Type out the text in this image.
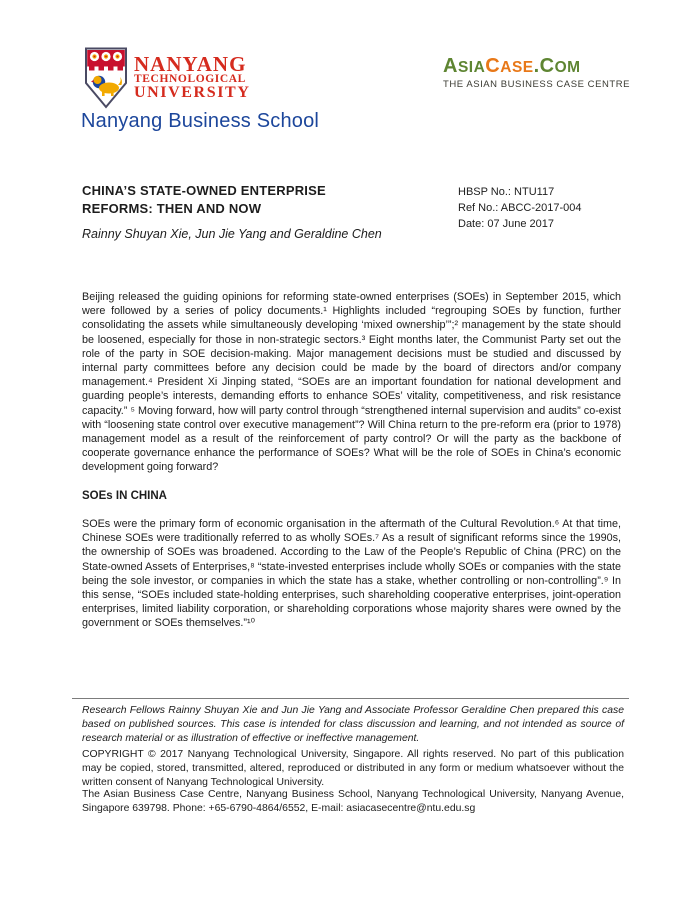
NANYANG
TECHNOLOGICAL
UNIVERSITY
Nanyang Business School
ASIACASE.COM
THE ASIAN BUSINESS CASE CENTRE
CHINA’S STATE-OWNED ENTERPRISE
REFORMS: THEN AND NOW
HBSP No.: NTU117
Ref No.: ABCC-2017-004
Date: 07 June 2017
Rainny Shuyan Xie, Jun Jie Yang and Geraldine Chen
Beijing released the guiding opinions for reforming state-owned enterprises (SOEs) in September 2015, which were followed by a series of policy documents.¹ Highlights included “regrouping SOEs by function, further consolidating the assets while simultaneously developing ‘mixed ownership’”;² management by the state should be loosened, especially for those in non-strategic sectors.³ Eight months later, the Communist Party set out the role of the party in SOE decision-making. Major management decisions must be studied and discussed by internal party committees before any decision could be made by the board of directors and/or company management.⁴ President Xi Jinping stated, “SOEs are an important foundation for national development and guarding people’s interests, demanding efforts to enhance SOEs’ vitality, competitiveness, and risk resistance capacity.” ⁵ Moving forward, how will party control through “strengthened internal supervision and audits” co-exist with “loosening state control over executive management”? Will China return to the pre-reform era (prior to 1978) management model as a result of the reinforcement of party control? Or will the party as the backbone of cooperate governance enhance the performance of SOEs? What will be the role of SOEs in China’s economic development going forward?
SOEs IN CHINA
SOEs were the primary form of economic organisation in the aftermath of the Cultural Revolution.⁶ At that time, Chinese SOEs were traditionally referred to as wholly SOEs.⁷ As a result of significant reforms since the 1990s, the ownership of SOEs was broadened. According to the Law of the People’s Republic of China (PRC) on the State-owned Assets of Enterprises,⁸ “state-invested enterprises include wholly SOEs or companies with the state being the sole investor, or companies in which the state has a stake, whether controlling or non-controlling”.⁹ In this sense, “SOEs included state-holding enterprises, such shareholding cooperative enterprises, joint-operation enterprises, limited liability corporation, or shareholding corporations whose majority shares were owned by the government or SOEs themselves.”¹⁰
Research Fellows Rainny Shuyan Xie and Jun Jie Yang and Associate Professor Geraldine Chen prepared this case based on published sources. This case is intended for class discussion and learning, and not intended as source of research material or as illustration of effective or ineffective management.
COPYRIGHT © 2017 Nanyang Technological University, Singapore. All rights reserved. No part of this publication may be copied, stored, transmitted, altered, reproduced or distributed in any form or medium whatsoever without the written consent of Nanyang Technological University.
The Asian Business Case Centre, Nanyang Business School, Nanyang Technological University, Nanyang Avenue, Singapore 639798. Phone: +65-6790-4864/6552, E-mail: asiacasecentre@ntu.edu.sg
